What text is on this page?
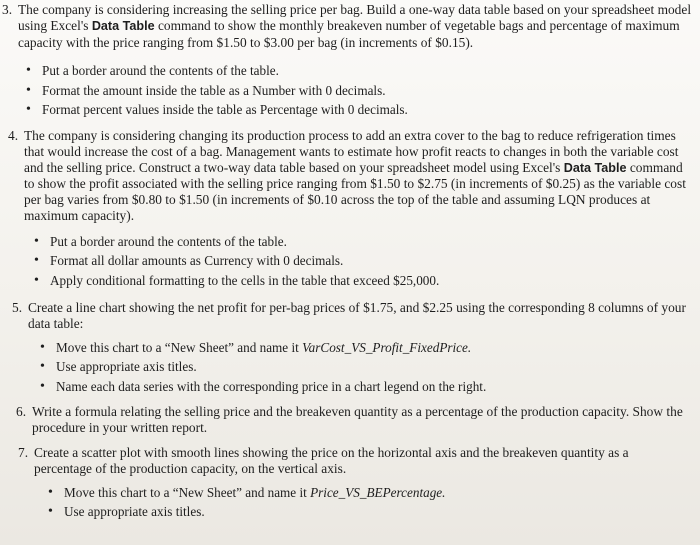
3. The company is considering increasing the selling price per bag. Build a one-way data table based on your spreadsheet model using Excel's Data Table command to show the monthly breakeven number of vegetable bags and percentage of maximum capacity with the price ranging from $1.50 to $3.00 per bag (in increments of $0.15).
• Put a border around the contents of the table.
• Format the amount inside the table as a Number with 0 decimals.
• Format percent values inside the table as Percentage with 0 decimals.
4. The company is considering changing its production process to add an extra cover to the bag to reduce refrigeration times that would increase the cost of a bag. Management wants to estimate how profit reacts to changes in both the variable cost and the selling price. Construct a two-way data table based on your spreadsheet model using Excel's Data Table command to show the profit associated with the selling price ranging from $1.50 to $2.75 (in increments of $0.25) as the variable cost per bag varies from $0.80 to $1.50 (in increments of $0.10 across the top of the table and assuming LQN produces at maximum capacity).
• Put a border around the contents of the table.
• Format all dollar amounts as Currency with 0 decimals.
• Apply conditional formatting to the cells in the table that exceed $25,000.
5. Create a line chart showing the net profit for per-bag prices of $1.75, and $2.25 using the corresponding 8 columns of your data table:
• Move this chart to a “New Sheet” and name it VarCost_VS_Profit_FixedPrice.
• Use appropriate axis titles.
• Name each data series with the corresponding price in a chart legend on the right.
6. Write a formula relating the selling price and the breakeven quantity as a percentage of the production capacity. Show the procedure in your written report.
7. Create a scatter plot with smooth lines showing the price on the horizontal axis and the breakeven quantity as a percentage of the production capacity, on the vertical axis.
• Move this chart to a “New Sheet” and name it Price_VS_BEPercentage.
• Use appropriate axis titles.
